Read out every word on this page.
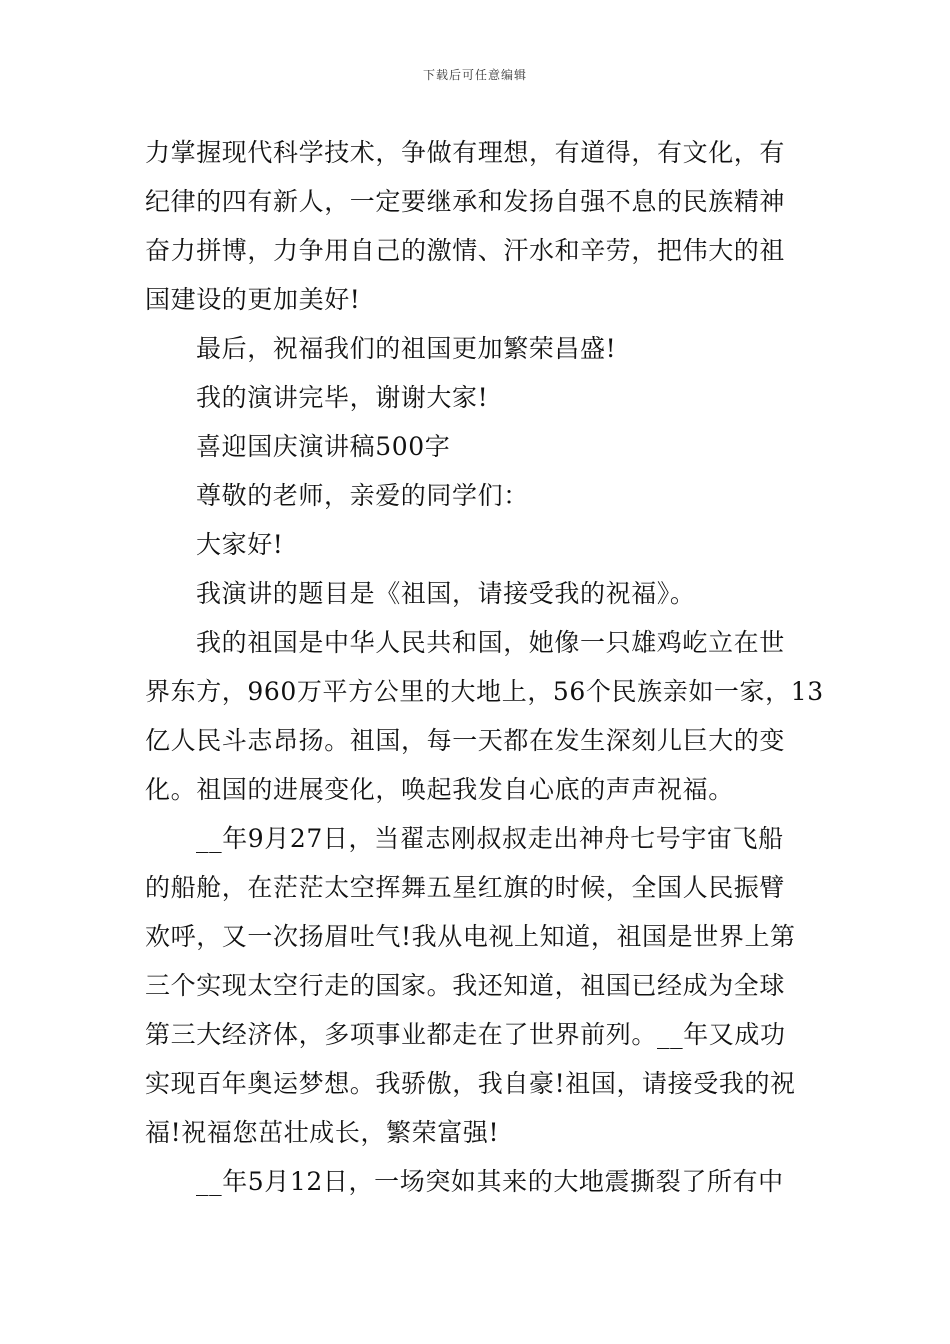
下载后可任意编辑
力掌握现代科学技术，争做有理想，有道得，有文化，有
纪律的四有新人，一定要继承和发扬自强不息的民族精神
奋力拼博，力争用自己的激情、汗水和辛劳，把伟大的祖
国建设的更加美好!
最后，祝福我们的祖国更加繁荣昌盛!
我的演讲完毕，谢谢大家!
喜迎国庆演讲稿500字
尊敬的老师，亲爱的同学们：
大家好!
我演讲的题目是《祖国，请接受我的祝福》。
我的祖国是中华人民共和国，她像一只雄鸡屹立在世
界东方，960万平方公里的大地上，56个民族亲如一家，13
亿人民斗志昂扬。祖国，每一天都在发生深刻儿巨大的变
化。祖国的进展变化，唤起我发自心底的声声祝福。
__年9月27日，当翟志刚叔叔走出神舟七号宇宙飞船
的船舱，在茫茫太空挥舞五星红旗的时候，全国人民振臂
欢呼，又一次扬眉吐气!我从电视上知道，祖国是世界上第
三个实现太空行走的国家。我还知道，祖国已经成为全球
第三大经济体，多项事业都走在了世界前列。__年又成功
实现百年奥运梦想。我骄傲，我自豪!祖国，请接受我的祝
福!祝福您茁壮成长，繁荣富强!
__年5月12日，一场突如其来的大地震撕裂了所有中
